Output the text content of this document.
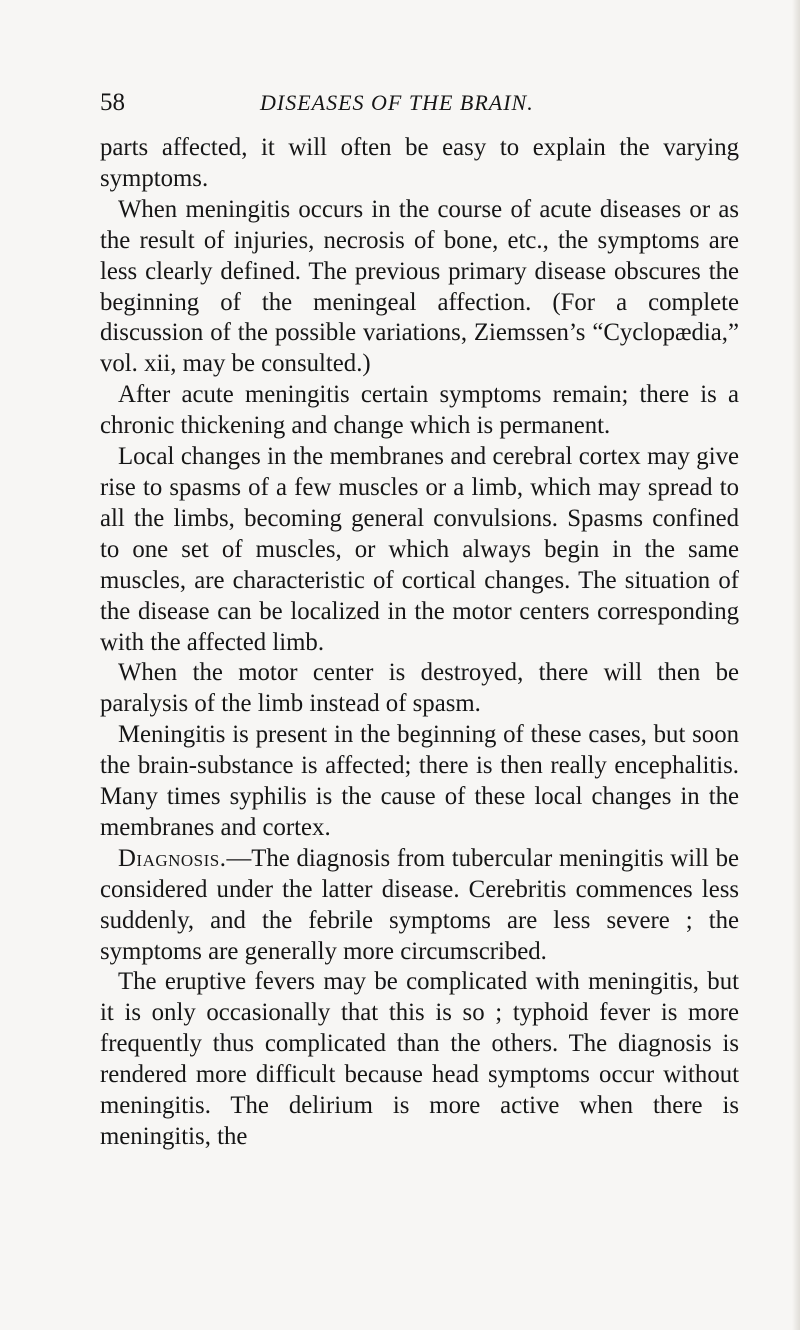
58	DISEASES OF THE BRAIN.

parts affected, it will often be easy to explain the varying symptoms.

When meningitis occurs in the course of acute diseases or as the result of injuries, necrosis of bone, etc., the symptoms are less clearly defined. The previous primary disease obscures the beginning of the meningeal affection. (For a complete discussion of the possible variations, Ziemssen’s “Cyclopædia,” vol. xii, may be consulted.)

After acute meningitis certain symptoms remain; there is a chronic thickening and change which is permanent.

Local changes in the membranes and cerebral cortex may give rise to spasms of a few muscles or a limb, which may spread to all the limbs, becoming general convulsions. Spasms confined to one set of muscles, or which always begin in the same muscles, are characteristic of cortical changes. The situation of the disease can be localized in the motor centers corresponding with the affected limb.

When the motor center is destroyed, there will then be paralysis of the limb instead of spasm.

Meningitis is present in the beginning of these cases, but soon the brain-substance is affected; there is then really encephalitis. Many times syphilis is the cause of these local changes in the membranes and cortex.

Diagnosis.—The diagnosis from tubercular meningitis will be considered under the latter disease. Cerebritis commences less suddenly, and the febrile symptoms are less severe ; the symptoms are generally more circumscribed.

The eruptive fevers may be complicated with meningitis, but it is only occasionally that this is so ; typhoid fever is more frequently thus complicated than the others. The diagnosis is rendered more difficult because head symptoms occur without meningitis. The delirium is more active when there is meningitis, the
